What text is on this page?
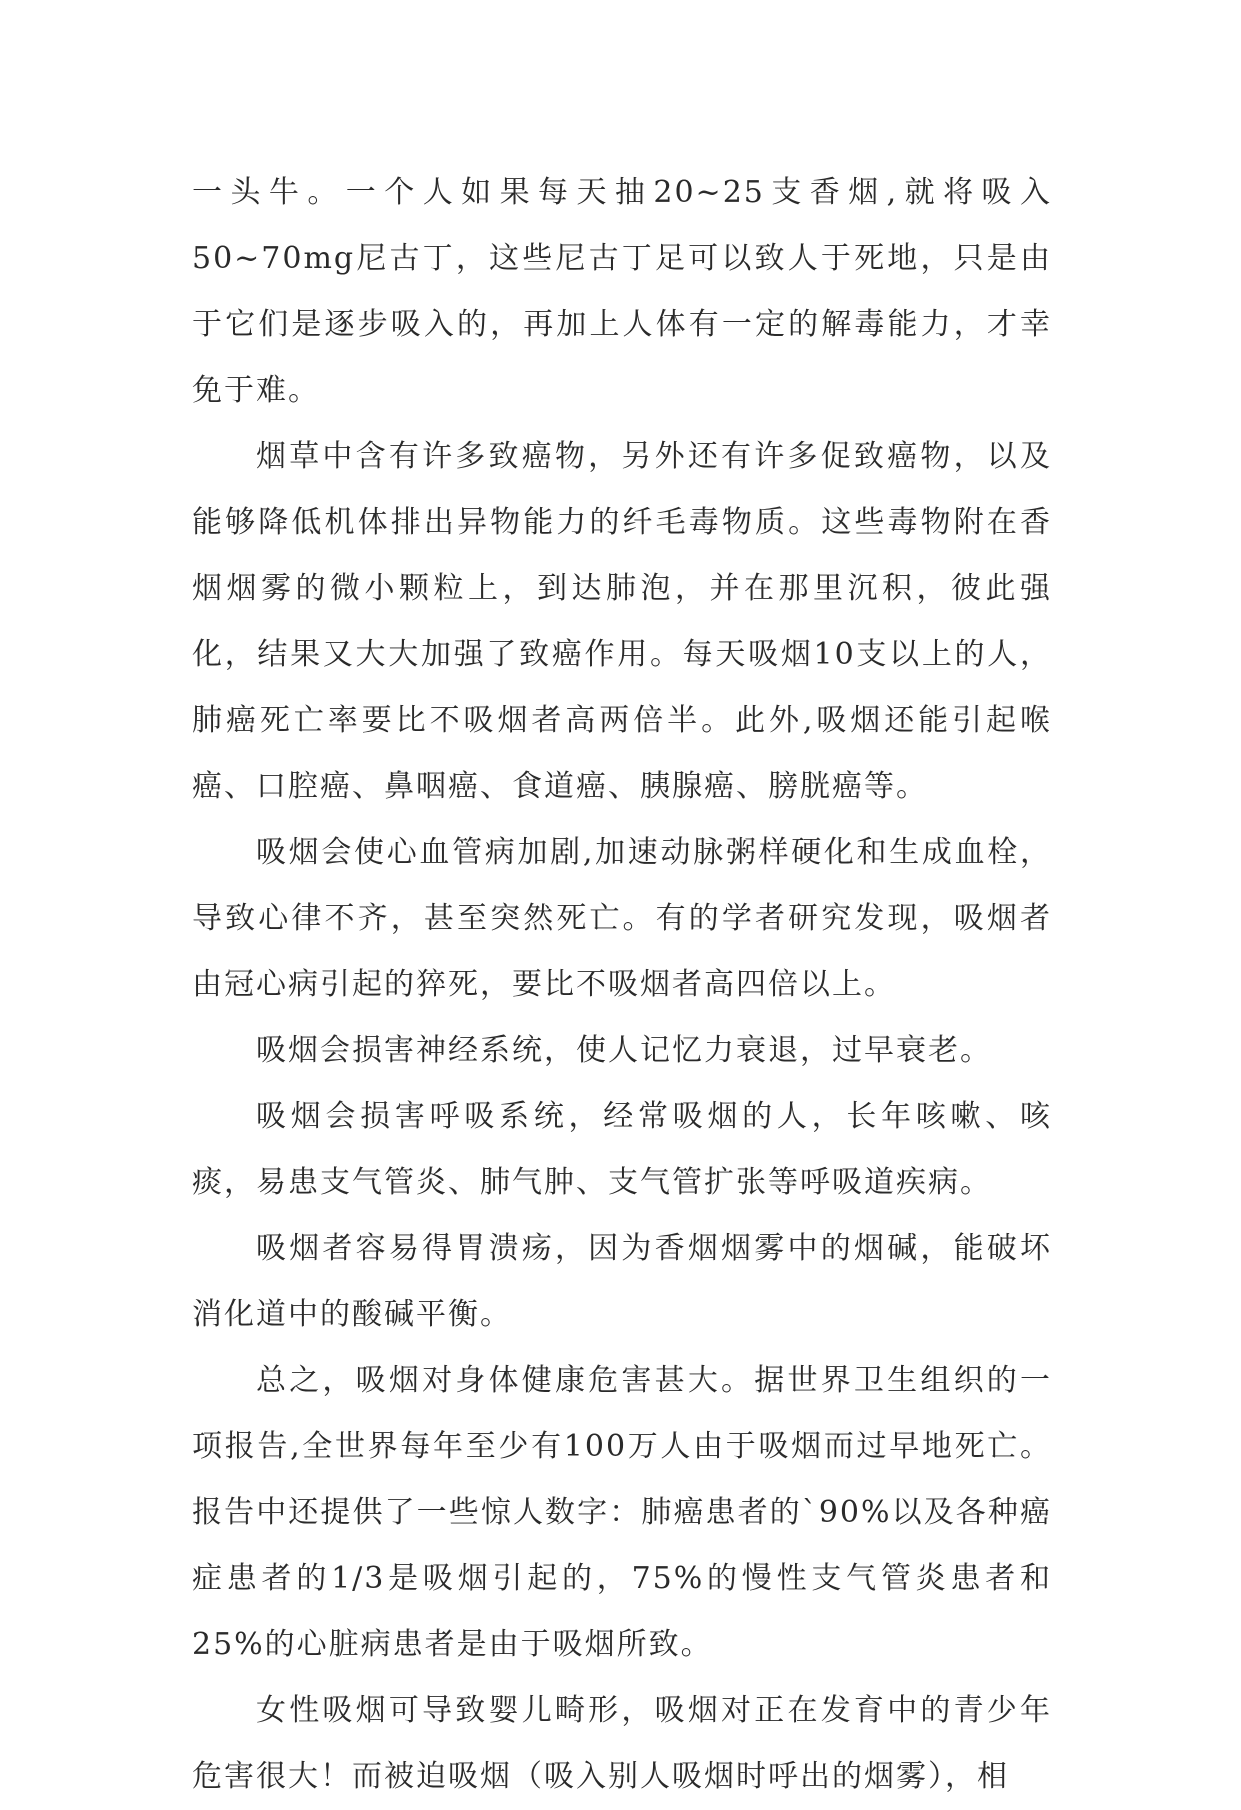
一头牛。一个人如果每天抽20~25支香烟,就将吸入50~70mg尼古丁，这些尼古丁足可以致人于死地，只是由于它们是逐步吸入的，再加上人体有一定的解毒能力，才幸免于难。

烟草中含有许多致癌物，另外还有许多促致癌物，以及能够降低机体排出异物能力的纤毛毒物质。这些毒物附在香烟烟雾的微小颗粒上，到达肺泡，并在那里沉积，彼此强化，结果又大大加强了致癌作用。每天吸烟10支以上的人，肺癌死亡率要比不吸烟者高两倍半。此外,吸烟还能引起喉癌、口腔癌、鼻咽癌、食道癌、胰腺癌、膀胱癌等。

吸烟会使心血管病加剧,加速动脉粥样硬化和生成血栓，导致心律不齐，甚至突然死亡。有的学者研究发现，吸烟者由冠心病引起的猝死，要比不吸烟者高四倍以上。

吸烟会损害神经系统，使人记忆力衰退，过早衰老。

吸烟会损害呼吸系统，经常吸烟的人，长年咳嗽、咳痰，易患支气管炎、肺气肿、支气管扩张等呼吸道疾病。

吸烟者容易得胃溃疡，因为香烟烟雾中的烟碱，能破坏消化道中的酸碱平衡。

总之，吸烟对身体健康危害甚大。据世界卫生组织的一项报告,全世界每年至少有100万人由于吸烟而过早地死亡。报告中还提供了一些惊人数字：肺癌患者的`90%以及各种癌症患者的1/3是吸烟引起的，75%的慢性支气管炎患者和25%的心脏病患者是由于吸烟所致。

女性吸烟可导致婴儿畸形，吸烟对正在发育中的青少年危害很大！而被迫吸烟（吸入别人吸烟时呼出的烟雾），相
